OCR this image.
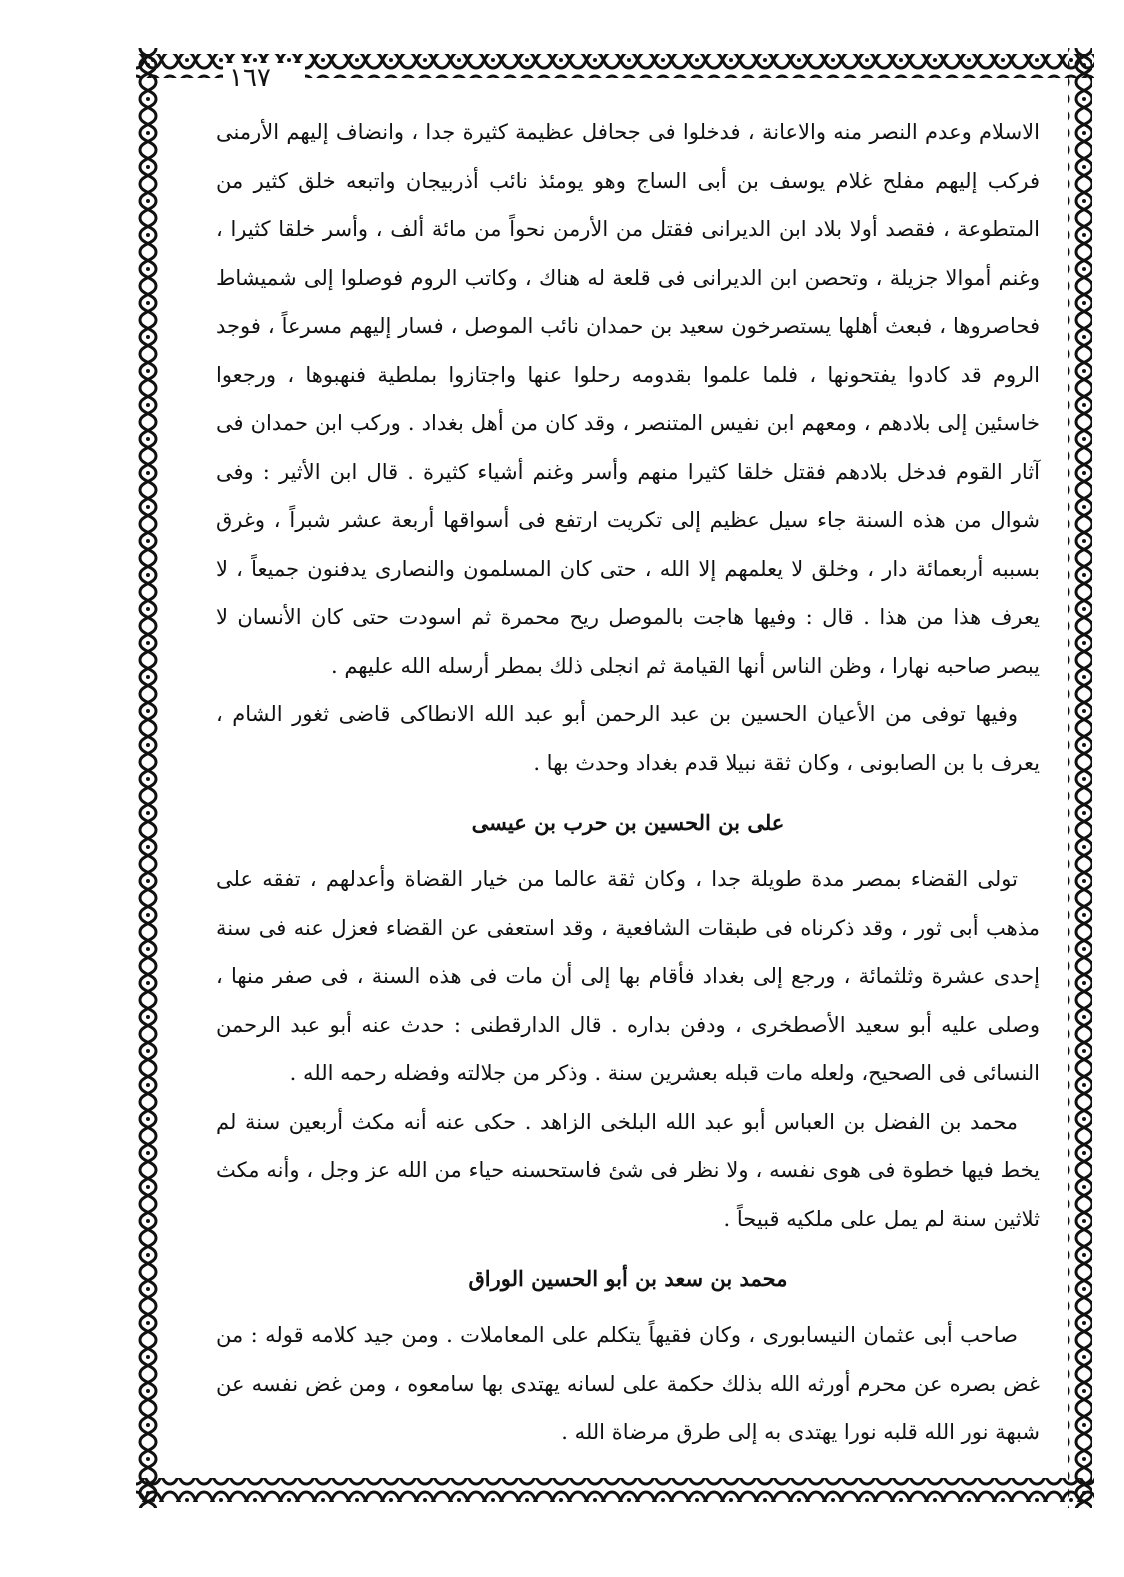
١٦٧

الاسلام وعدم النصر منه والاعانة ، فدخلوا فى جحافل عظيمة كثيرة جدا ، وانضاف إليهم الأرمنى فركب إليهم مفلح غلام يوسف بن أبى الساج وهو يومئذ نائب أذربيجان واتبعه خلق كثير من المتطوعة ، فقصد أولا بلاد ابن الديرانى فقتل من الأرمن نحواً من مائة ألف ، وأسر خلقا كثيرا ، وغنم أموالا جزيلة ، وتحصن ابن الديرانى فى قلعة له هناك ، وكاتب الروم فوصلوا إلى شميشاط فحاصروها ، فبعث أهلها يستصرخون سعيد بن حمدان نائب الموصل ، فسار إليهم مسرعاً ، فوجد الروم قد كادوا يفتحونها ، فلما علموا بقدومه رحلوا عنها واجتازوا بملطية فنهبوها ، ورجعوا خاسئين إلى بلادهم ، ومعهم ابن نفيس المتنصر ، وقد كان من أهل بغداد . وركب ابن حمدان فى آثار القوم فدخل بلادهم فقتل خلقا كثيرا منهم وأسر وغنم أشياء كثيرة . قال ابن الأثير : وفى شوال من هذه السنة جاء سيل عظيم إلى تكريت ارتفع فى أسواقها أربعة عشر شبراً ، وغرق بسببه أربعمائة دار ، وخلق لا يعلمهم إلا الله ، حتى كان المسلمون والنصارى يدفنون جميعاً ، لا يعرف هذا من هذا . قال : وفيها هاجت بالموصل ريح محمرة ثم اسودت حتى كان الأنسان لا يبصر صاحبه نهارا ، وظن الناس أنها القيامة ثم انجلى ذلك بمطر أرسله الله عليهم .

وفيها توفى من الأعيان الحسين بن عبد الرحمن أبو عبد الله الانطاكى قاضى ثغور الشام ، يعرف با بن الصابونى ، وكان ثقة نبيلا قدم بغداد وحدث بها .

على بن الحسين بن حرب بن عيسى

تولى القضاء بمصر مدة طويلة جدا ، وكان ثقة عالما من خيار القضاة وأعدلهم ، تفقه على مذهب أبى ثور ، وقد ذكرناه فى طبقات الشافعية ، وقد استعفى عن القضاء فعزل عنه فى سنة إحدى عشرة وثلثمائة ، ورجع إلى بغداد فأقام بها إلى أن مات فى هذه السنة ، فى صفر منها ، وصلى عليه أبو سعيد الأصطخرى ، ودفن بداره . قال الدارقطنى : حدث عنه أبو عبد الرحمن النسائى فى الصحيح، ولعله مات قبله بعشرين سنة . وذكر من جلالته وفضله رحمه الله .

محمد بن الفضل بن العباس أبو عبد الله البلخى الزاهد . حكى عنه أنه مكث أربعين سنة لم يخط فيها خطوة فى هوى نفسه ، ولا نظر فى شئ فاستحسنه حياء من الله عز وجل ، وأنه مكث ثلاثين سنة لم يمل على ملكيه قبيحاً .

محمد بن سعد بن أبو الحسين الوراق

صاحب أبى عثمان النيسابورى ، وكان فقيهاً يتكلم على المعاملات . ومن جيد كلامه قوله : من غض بصره عن محرم أورثه الله بذلك حكمة على لسانه يهتدى بها سامعوه ، ومن غض نفسه عن شبهة نور الله قلبه نورا يهتدى به إلى طرق مرضاة الله .
